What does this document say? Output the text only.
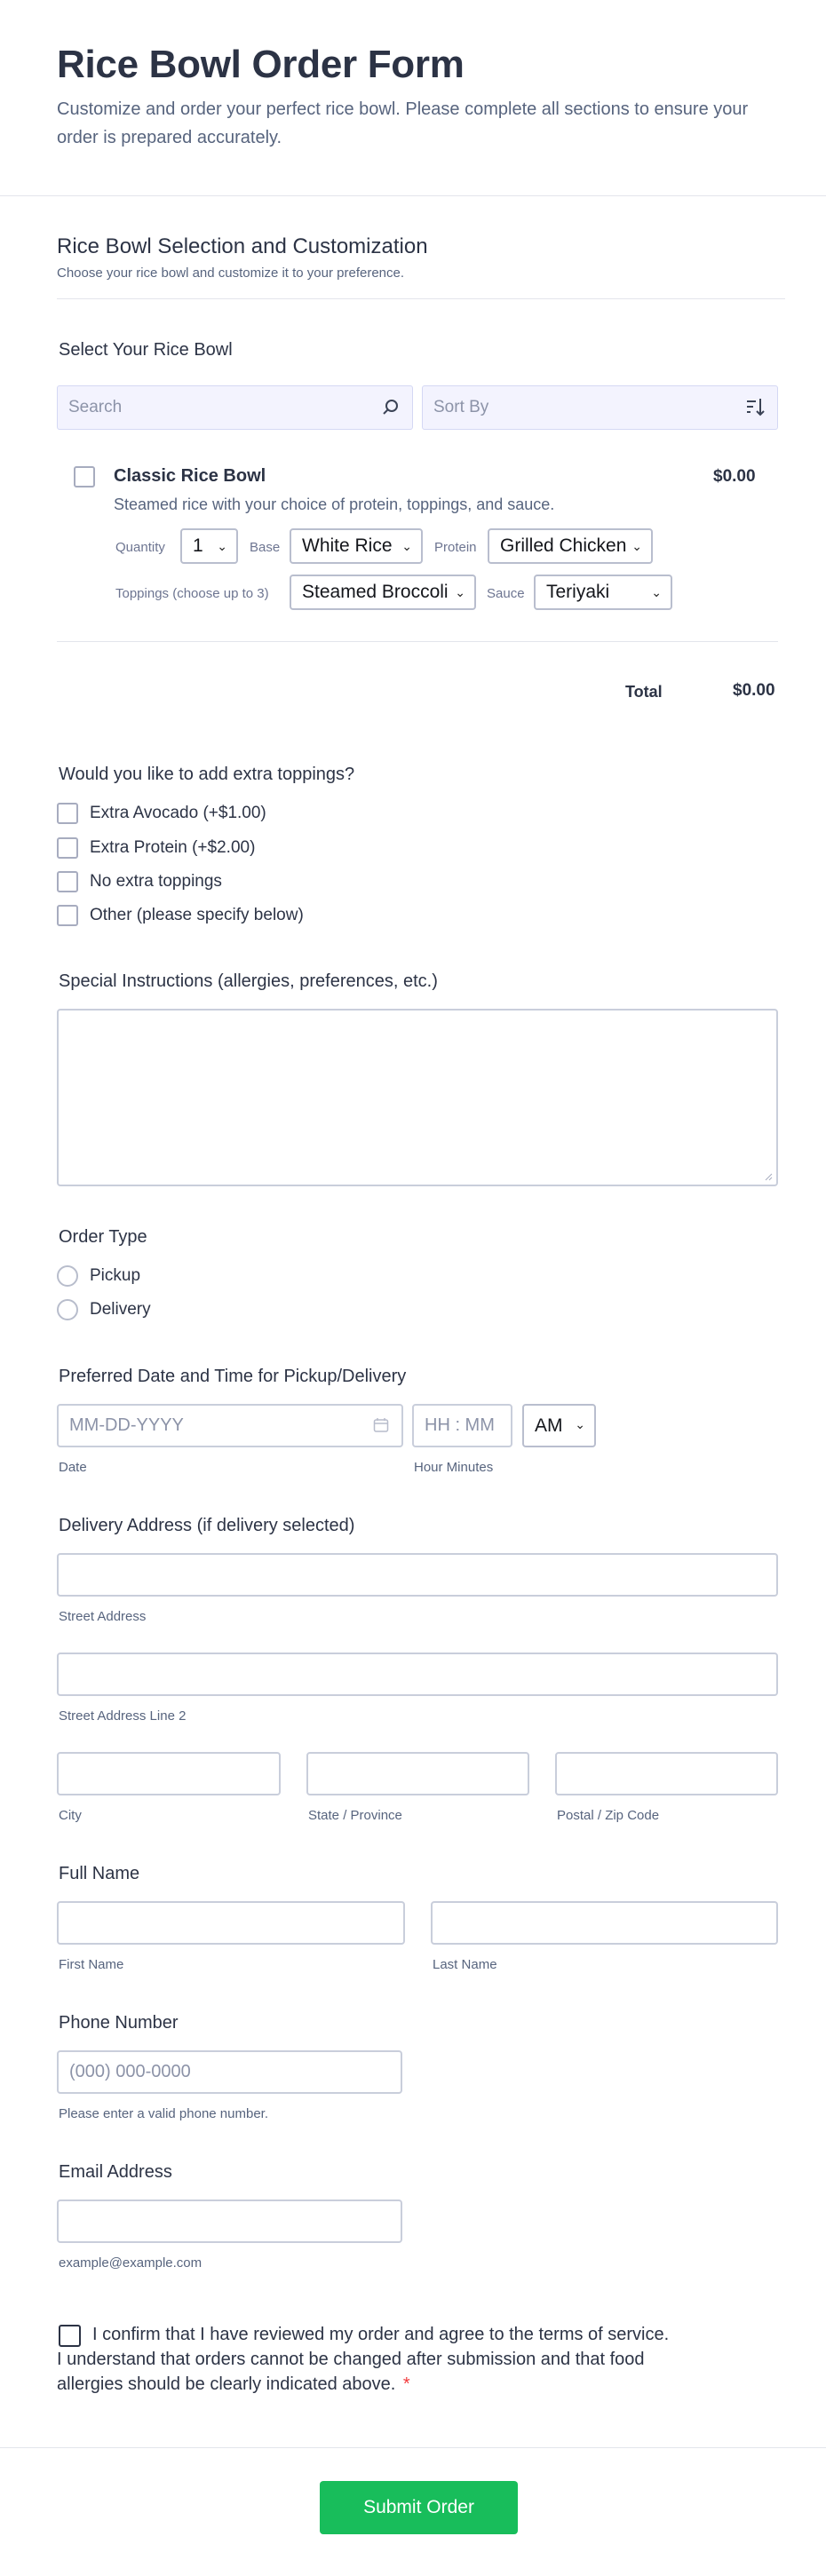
Rice Bowl Order Form
Customize and order your perfect rice bowl. Please complete all sections to ensure your order is prepared accurately.
Rice Bowl Selection and Customization
Choose your rice bowl and customize it to your preference.
Select Your Rice Bowl
Search	Sort By
Classic Rice Bowl	$0.00
Steamed rice with your choice of protein, toppings, and sauce.
Quantity	1 ⌄ Base	White Rice ⌄ Protein	Grilled Chicken ⌄
Toppings (choose up to 3)	Steamed Broccoli ⌄ Sauce	Teriyaki	⌄
Total	$0.00
Would you like to add extra toppings?
Extra Avocado (+$1.00)
Extra Protein (+$2.00)
No extra toppings
Other (please specify below)
Special Instructions (allergies, preferences, etc.)
Order Type
Pickup
Delivery
Preferred Date and Time for Pickup/Delivery
MM-DD-YYYY	HH : MM	AM ⌄
Date	Hour Minutes
Delivery Address (if delivery selected)
Street Address
Street Address Line 2
City	State / Province	Postal / Zip Code
Full Name
First Name	Last Name
Phone Number
(000) 000-0000
Please enter a valid phone number.
Email Address
example@example.com
I confirm that I have reviewed my order and agree to the terms of service. I understand that orders cannot be changed after submission and that food allergies should be clearly indicated above. *
Submit Order
